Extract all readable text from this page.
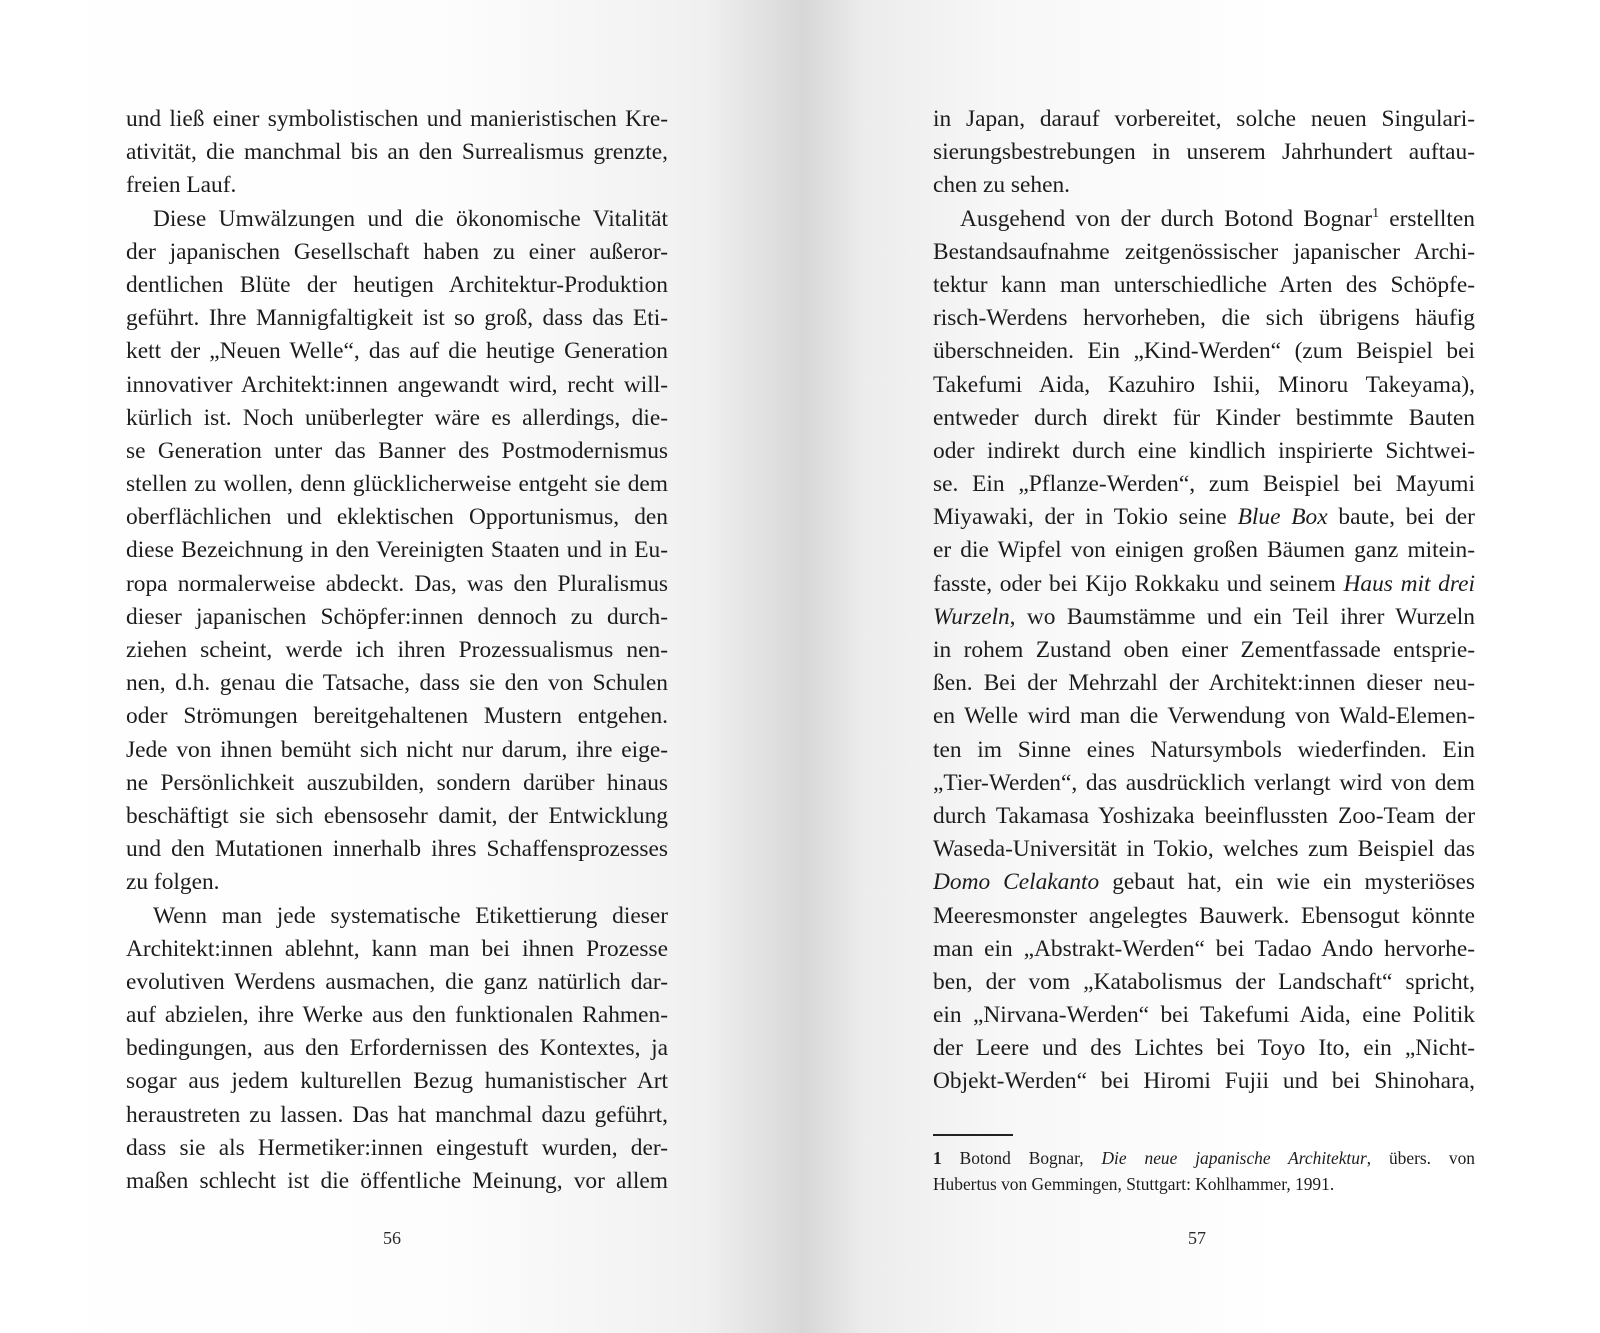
und ließ einer symbolistischen und manieristischen Kre-
ativität, die manchmal bis an den Surrealismus grenzte,
freien Lauf.
Diese Umwälzungen und die ökonomische Vitalität
der japanischen Gesellschaft haben zu einer außeror-
dentlichen Blüte der heutigen Architektur-Produktion
geführt. Ihre Mannigfaltigkeit ist so groß, dass das Eti-
kett der „Neuen Welle“, das auf die heutige Generation
innovativer Architekt:innen angewandt wird, recht will-
kürlich ist. Noch unüberlegter wäre es allerdings, die-
se Generation unter das Banner des Postmodernismus
stellen zu wollen, denn glücklicherweise entgeht sie dem
oberflächlichen und eklektischen Opportunismus, den
diese Bezeichnung in den Vereinigten Staaten und in Eu-
ropa normalerweise abdeckt. Das, was den Pluralismus
dieser japanischen Schöpfer:innen dennoch zu durch-
ziehen scheint, werde ich ihren Prozessualismus nen-
nen, d.h. genau die Tatsache, dass sie den von Schulen
oder Strömungen bereitgehaltenen Mustern entgehen.
Jede von ihnen bemüht sich nicht nur darum, ihre eige-
ne Persönlichkeit auszubilden, sondern darüber hinaus
beschäftigt sie sich ebensosehr damit, der Entwicklung
und den Mutationen innerhalb ihres Schaffensprozesses
zu folgen.
Wenn man jede systematische Etikettierung dieser
Architekt:innen ablehnt, kann man bei ihnen Prozesse
evolutiven Werdens ausmachen, die ganz natürlich dar-
auf abzielen, ihre Werke aus den funktionalen Rahmen-
bedingungen, aus den Erfordernissen des Kontextes, ja
sogar aus jedem kulturellen Bezug humanistischer Art
heraustreten zu lassen. Das hat manchmal dazu geführt,
dass sie als Hermetiker:innen eingestuft wurden, der-
maßen schlecht ist die öffentliche Meinung, vor allem
56
in Japan, darauf vorbereitet, solche neuen Singulari-
sierungsbestrebungen in unserem Jahrhundert auftau-
chen zu sehen.
Ausgehend von der durch Botond Bognar$^1$ erstellten
Bestandsaufnahme zeitgenössischer japanischer Archi-
tektur kann man unterschiedliche Arten des Schöpfe-
risch-Werdens hervorheben, die sich übrigens häufig
überschneiden. Ein „Kind-Werden“ (zum Beispiel bei
Takefumi Aida, Kazuhiro Ishii, Minoru Takeyama),
entweder durch direkt für Kinder bestimmte Bauten
oder indirekt durch eine kindlich inspirierte Sichtwei-
se. Ein „Pflanze-Werden“, zum Beispiel bei Mayumi
Miyawaki, der in Tokio seine Blue Box baute, bei der
er die Wipfel von einigen großen Bäumen ganz mitein-
fasste, oder bei Kijo Rokkaku und seinem Haus mit drei
Wurzeln, wo Baumstämme und ein Teil ihrer Wurzeln
in rohem Zustand oben einer Zementfassade entsprie-
ßen. Bei der Mehrzahl der Architekt:innen dieser neu-
en Welle wird man die Verwendung von Wald-Elemen-
ten im Sinne eines Natursymbols wiederfinden. Ein
„Tier-Werden“, das ausdrücklich verlangt wird von dem
durch Takamasa Yoshizaka beeinflussten Zoo-Team der
Waseda-Universität in Tokio, welches zum Beispiel das
Domo Celakanto gebaut hat, ein wie ein mysteriöses
Meeresmonster angelegtes Bauwerk. Ebensogut könnte
man ein „Abstrakt-Werden“ bei Tadao Ando hervorhe-
ben, der vom „Katabolismus der Landschaft“ spricht,
ein „Nirvana-Werden“ bei Takefumi Aida, eine Politik
der Leere und des Lichtes bei Toyo Ito, ein „Nicht-
Objekt-Werden“ bei Hiromi Fujii und bei Shinohara,
1 Botond Bognar, Die neue japanische Architektur, übers. von
Hubertus von Gemmingen, Stuttgart: Kohlhammer, 1991.
57
